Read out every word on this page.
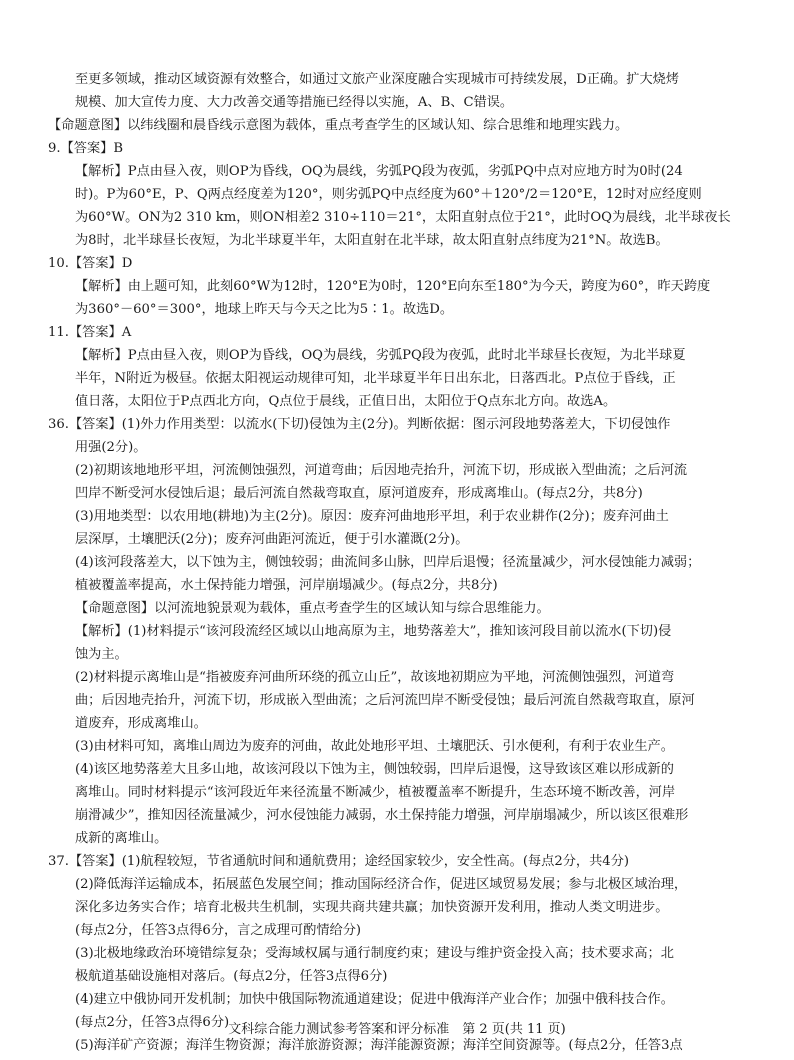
至更多领域，推动区域资源有效整合，如通过文旅产业深度融合实现城市可持续发展，D正确。扩大烧烤

规模、加大宣传力度、大力改善交通等措施已经得以实施，A、B、C错误。

【命题意图】以纬线圈和晨昏线示意图为载体，重点考查学生的区域认知、综合思维和地理实践力。

9.【答案】B

【解析】P点由昼入夜，则OP为昏线，OQ为晨线，劣弧PQ段为夜弧，劣弧PQ中点对应地方时为0时(24

时)。P为60°E，P、Q两点经度差为120°，则劣弧PQ中点经度为60°＋120°/2＝120°E，12时对应经度则

为60°W。ON为2 310 km，则ON相差2 310÷110＝21°，太阳直射点位于21°，此时OQ为晨线，北半球夜长

为8时，北半球昼长夜短，为北半球夏半年，太阳直射在北半球，故太阳直射点纬度为21°N。故选B。

10.【答案】D

【解析】由上题可知，此刻60°W为12时，120°E为0时，120°E向东至180°为今天，跨度为60°，昨天跨度

为360°－60°＝300°，地球上昨天与今天之比为5∶1。故选D。

11.【答案】A

【解析】P点由昼入夜，则OP为昏线，OQ为晨线，劣弧PQ段为夜弧，此时北半球昼长夜短，为北半球夏

半年，N附近为极昼。依据太阳视运动规律可知，北半球夏半年日出东北，日落西北。P点位于昏线，正

值日落，太阳位于P点西北方向，Q点位于晨线，正值日出，太阳位于Q点东北方向。故选A。

36.【答案】(1)外力作用类型：以流水(下切)侵蚀为主(2分)。判断依据：图示河段地势落差大，下切侵蚀作

用强(2分)。

(2)初期该地地形平坦，河流侧蚀强烈，河道弯曲；后因地壳抬升，河流下切，形成嵌入型曲流；之后河流

凹岸不断受河水侵蚀后退；最后河流自然裁弯取直，原河道废弃，形成离堆山。(每点2分，共8分)

(3)用地类型：以农用地(耕地)为主(2分)。原因：废弃河曲地形平坦，利于农业耕作(2分)；废弃河曲土

层深厚，土壤肥沃(2分)；废弃河曲距河流近，便于引水灌溉(2分)。

(4)该河段落差大，以下蚀为主，侧蚀较弱；曲流间多山脉，凹岸后退慢；径流量减少，河水侵蚀能力减弱；

植被覆盖率提高，水土保持能力增强，河岸崩塌减少。(每点2分，共8分)

【命题意图】以河流地貌景观为载体，重点考查学生的区域认知与综合思维能力。

【解析】(1)材料提示“该河段流经区域以山地高原为主，地势落差大”，推知该河段目前以流水(下切)侵

蚀为主。

(2)材料提示离堆山是“指被废弃河曲所环绕的孤立山丘”，故该地初期应为平地，河流侧蚀强烈，河道弯

曲；后因地壳抬升，河流下切，形成嵌入型曲流；之后河流凹岸不断受侵蚀；最后河流自然裁弯取直，原河

道废弃，形成离堆山。

(3)由材料可知，离堆山周边为废弃的河曲，故此处地形平坦、土壤肥沃、引水便利，有利于农业生产。

(4)该区地势落差大且多山地，故该河段以下蚀为主，侧蚀较弱，凹岸后退慢，这导致该区难以形成新的

离堆山。同时材料提示“该河段近年来径流量不断减少，植被覆盖率不断提升，生态环境不断改善，河岸

崩滑减少”，推知因径流量减少，河水侵蚀能力减弱，水土保持能力增强，河岸崩塌减少，所以该区很难形

成新的离堆山。

37.【答案】(1)航程较短，节省通航时间和通航费用；途经国家较少，安全性高。(每点2分，共4分)

(2)降低海洋运输成本，拓展蓝色发展空间；推动国际经济合作，促进区域贸易发展；参与北极区域治理，

深化多边务实合作；培育北极共生机制，实现共商共建共赢；加快资源开发利用，推动人类文明进步。

(每点2分，任答3点得6分，言之成理可酌情给分)

(3)北极地缘政治环境错综复杂；受海域权属与通行制度约束；建设与维护资金投入高；技术要求高；北

极航道基础设施相对落后。(每点2分，任答3点得6分)

(4)建立中俄协同开发机制；加快中俄国际物流通道建设；促进中俄海洋产业合作；加强中俄科技合作。

(每点2分，任答3点得6分)

(5)海洋矿产资源；海洋生物资源；海洋旅游资源；海洋能源资源；海洋空间资源等。(每点2分，任答3点

文科综合能力测试参考答案和评分标准　第 2 页(共 11 页)
